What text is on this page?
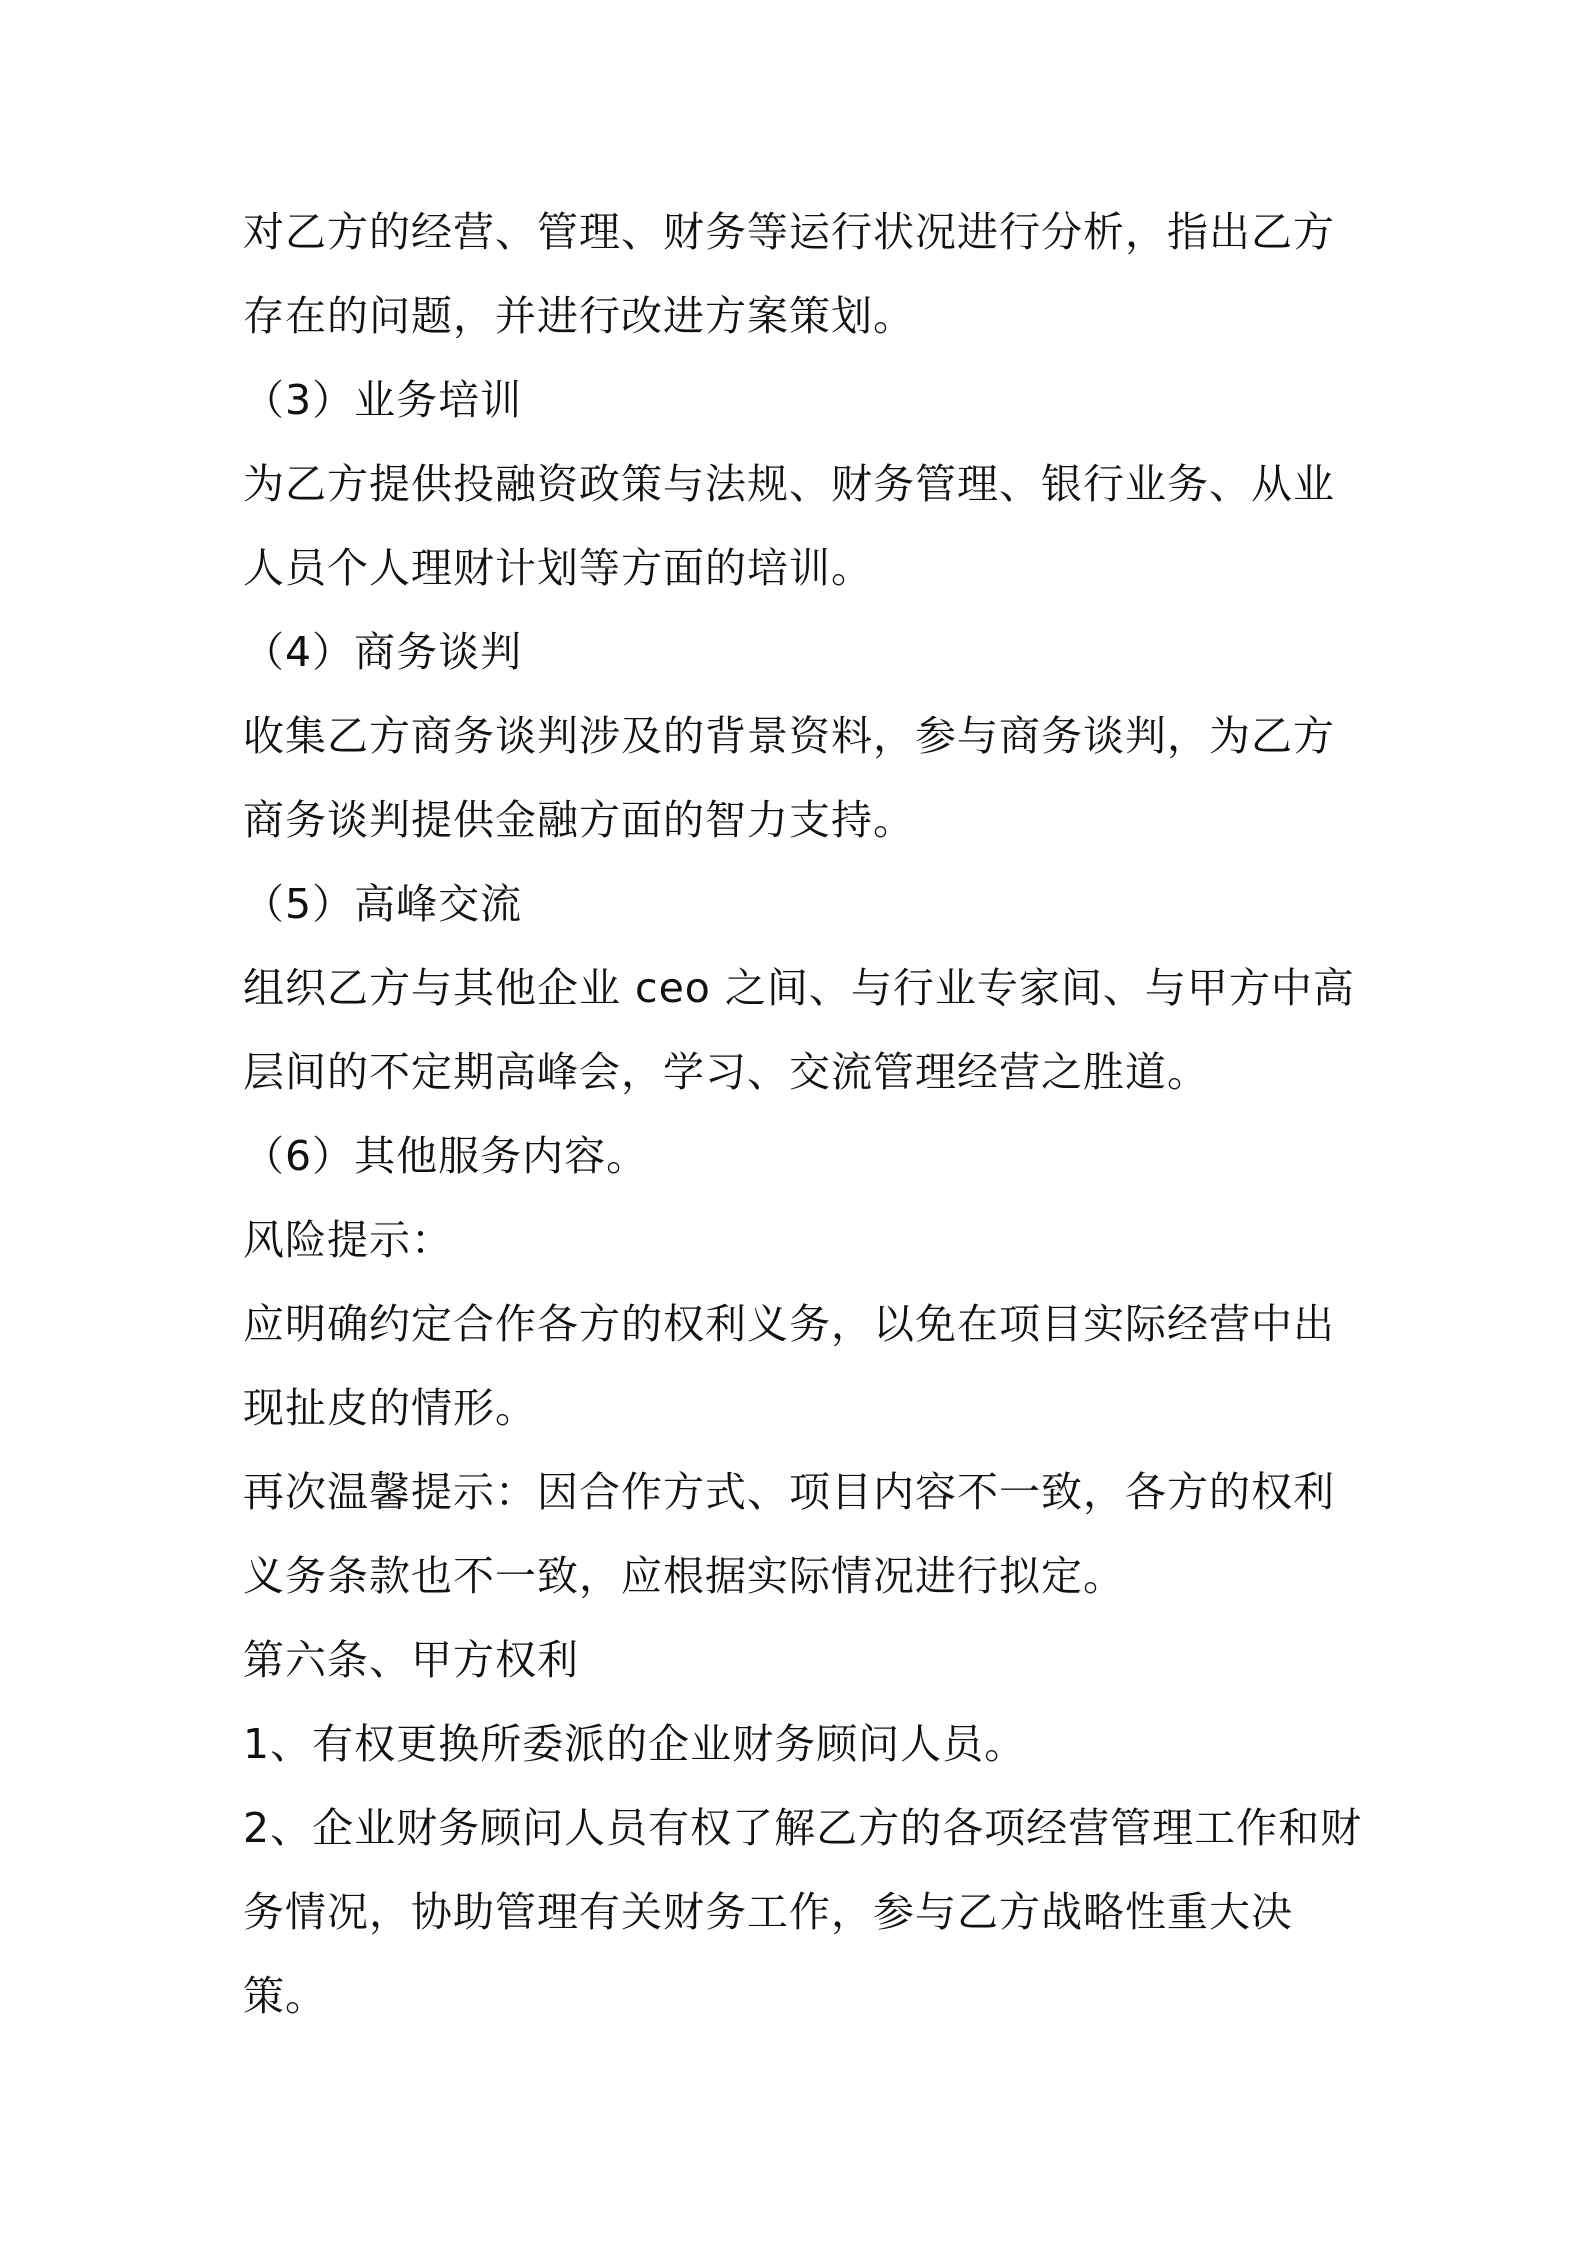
对乙方的经营、管理、财务等运行状况进行分析，指出乙方存在的问题，并进行改进方案策划。

（3）业务培训

为乙方提供投融资政策与法规、财务管理、银行业务、从业人员个人理财计划等方面的培训。

（4）商务谈判

收集乙方商务谈判涉及的背景资料，参与商务谈判，为乙方商务谈判提供金融方面的智力支持。

（5）高峰交流

组织乙方与其他企业 ceo 之间、与行业专家间、与甲方中高层间的不定期高峰会，学习、交流管理经营之胜道。

（6）其他服务内容。

风险提示：

应明确约定合作各方的权利义务，以免在项目实际经营中出现扯皮的情形。

再次温馨提示：因合作方式、项目内容不一致，各方的权利义务条款也不一致，应根据实际情况进行拟定。

第六条、甲方权利

1、有权更换所委派的企业财务顾问人员。

2、企业财务顾问人员有权了解乙方的各项经营管理工作和财务情况，协助管理有关财务工作，参与乙方战略性重大决策。
